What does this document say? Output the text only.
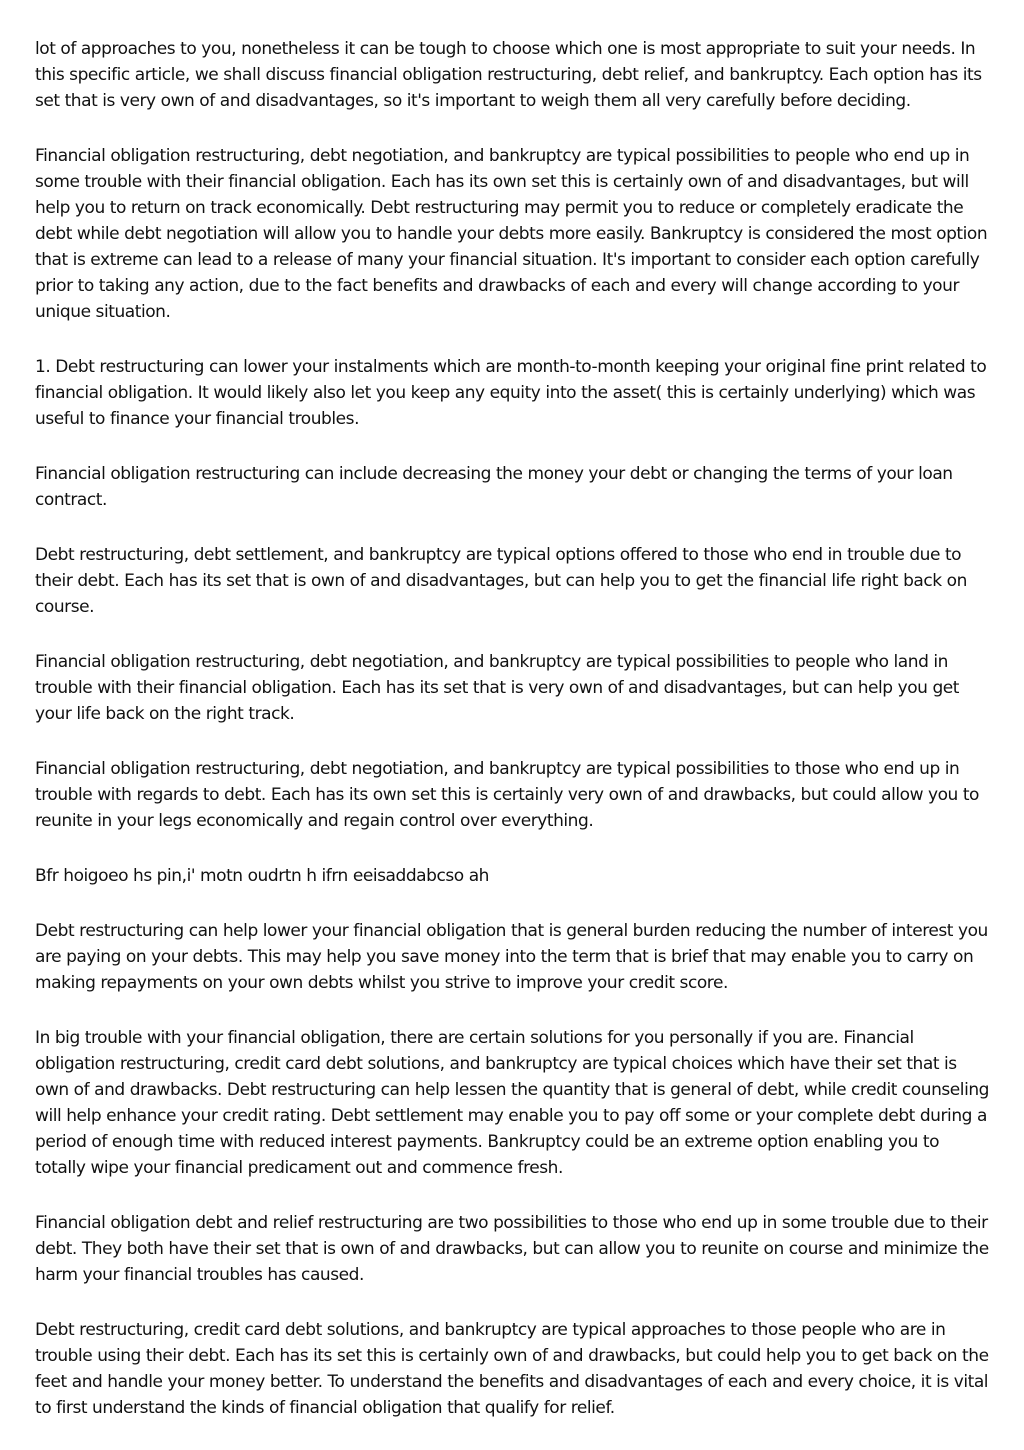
lot of approaches to you, nonetheless it can be tough to choose which one is most appropriate to suit your needs. In this specific article, we shall discuss financial obligation restructuring, debt relief, and bankruptcy. Each option has its set that is very own of and disadvantages, so it's important to weigh them all very carefully before deciding.

Financial obligation restructuring, debt negotiation, and bankruptcy are typical possibilities to people who end up in some trouble with their financial obligation. Each has its own set this is certainly own of and disadvantages, but will help you to return on track economically. Debt restructuring may permit you to reduce or completely eradicate the debt while debt negotiation will allow you to handle your debts more easily. Bankruptcy is considered the most option that is extreme can lead to a release of many your financial situation. It's important to consider each option carefully prior to taking any action, due to the fact benefits and drawbacks of each and every will change according to your unique situation.

1. Debt restructuring can lower your instalments which are month-to-month keeping your original fine print related to financial obligation. It would likely also let you keep any equity into the asset( this is certainly underlying) which was useful to finance your financial troubles.

Financial obligation restructuring can include decreasing the money your debt or changing the terms of your loan contract.

Debt restructuring, debt settlement, and bankruptcy are typical options offered to those who end in trouble due to their debt. Each has its set that is own of and disadvantages, but can help you to get the financial life right back on course.

Financial obligation restructuring, debt negotiation, and bankruptcy are typical possibilities to people who land in trouble with their financial obligation. Each has its set that is very own of and disadvantages, but can help you get your life back on the right track.

Financial obligation restructuring, debt negotiation, and bankruptcy are typical possibilities to those who end up in trouble with regards to debt. Each has its own set this is certainly very own of and drawbacks, but could allow you to reunite in your legs economically and regain control over everything.

Bfr hoigoeo hs pin,i' motn oudrtn h ifrn eeisaddabcso ah

Debt restructuring can help lower your financial obligation that is general burden reducing the number of interest you are paying on your debts. This may help you save money into the term that is brief that may enable you to carry on making repayments on your own debts whilst you strive to improve your credit score.

In big trouble with your financial obligation, there are certain solutions for you personally if you are. Financial obligation restructuring, credit card debt solutions, and bankruptcy are typical choices which have their set that is own of and drawbacks. Debt restructuring can help lessen the quantity that is general of debt, while credit counseling will help enhance your credit rating. Debt settlement may enable you to pay off some or your complete debt during a period of enough time with reduced interest payments. Bankruptcy could be an extreme option enabling you to totally wipe your financial predicament out and commence fresh.

Financial obligation debt and relief restructuring are two possibilities to those who end up in some trouble due to their debt. They both have their set that is own of and drawbacks, but can allow you to reunite on course and minimize the harm your financial troubles has caused.

Debt restructuring, credit card debt solutions, and bankruptcy are typical approaches to those people who are in trouble using their debt. Each has its set this is certainly own of and drawbacks, but could help you to get back on the feet and handle your money better. To understand the benefits and disadvantages of each and every choice, it is vital to first understand the kinds of financial obligation that qualify for relief.
